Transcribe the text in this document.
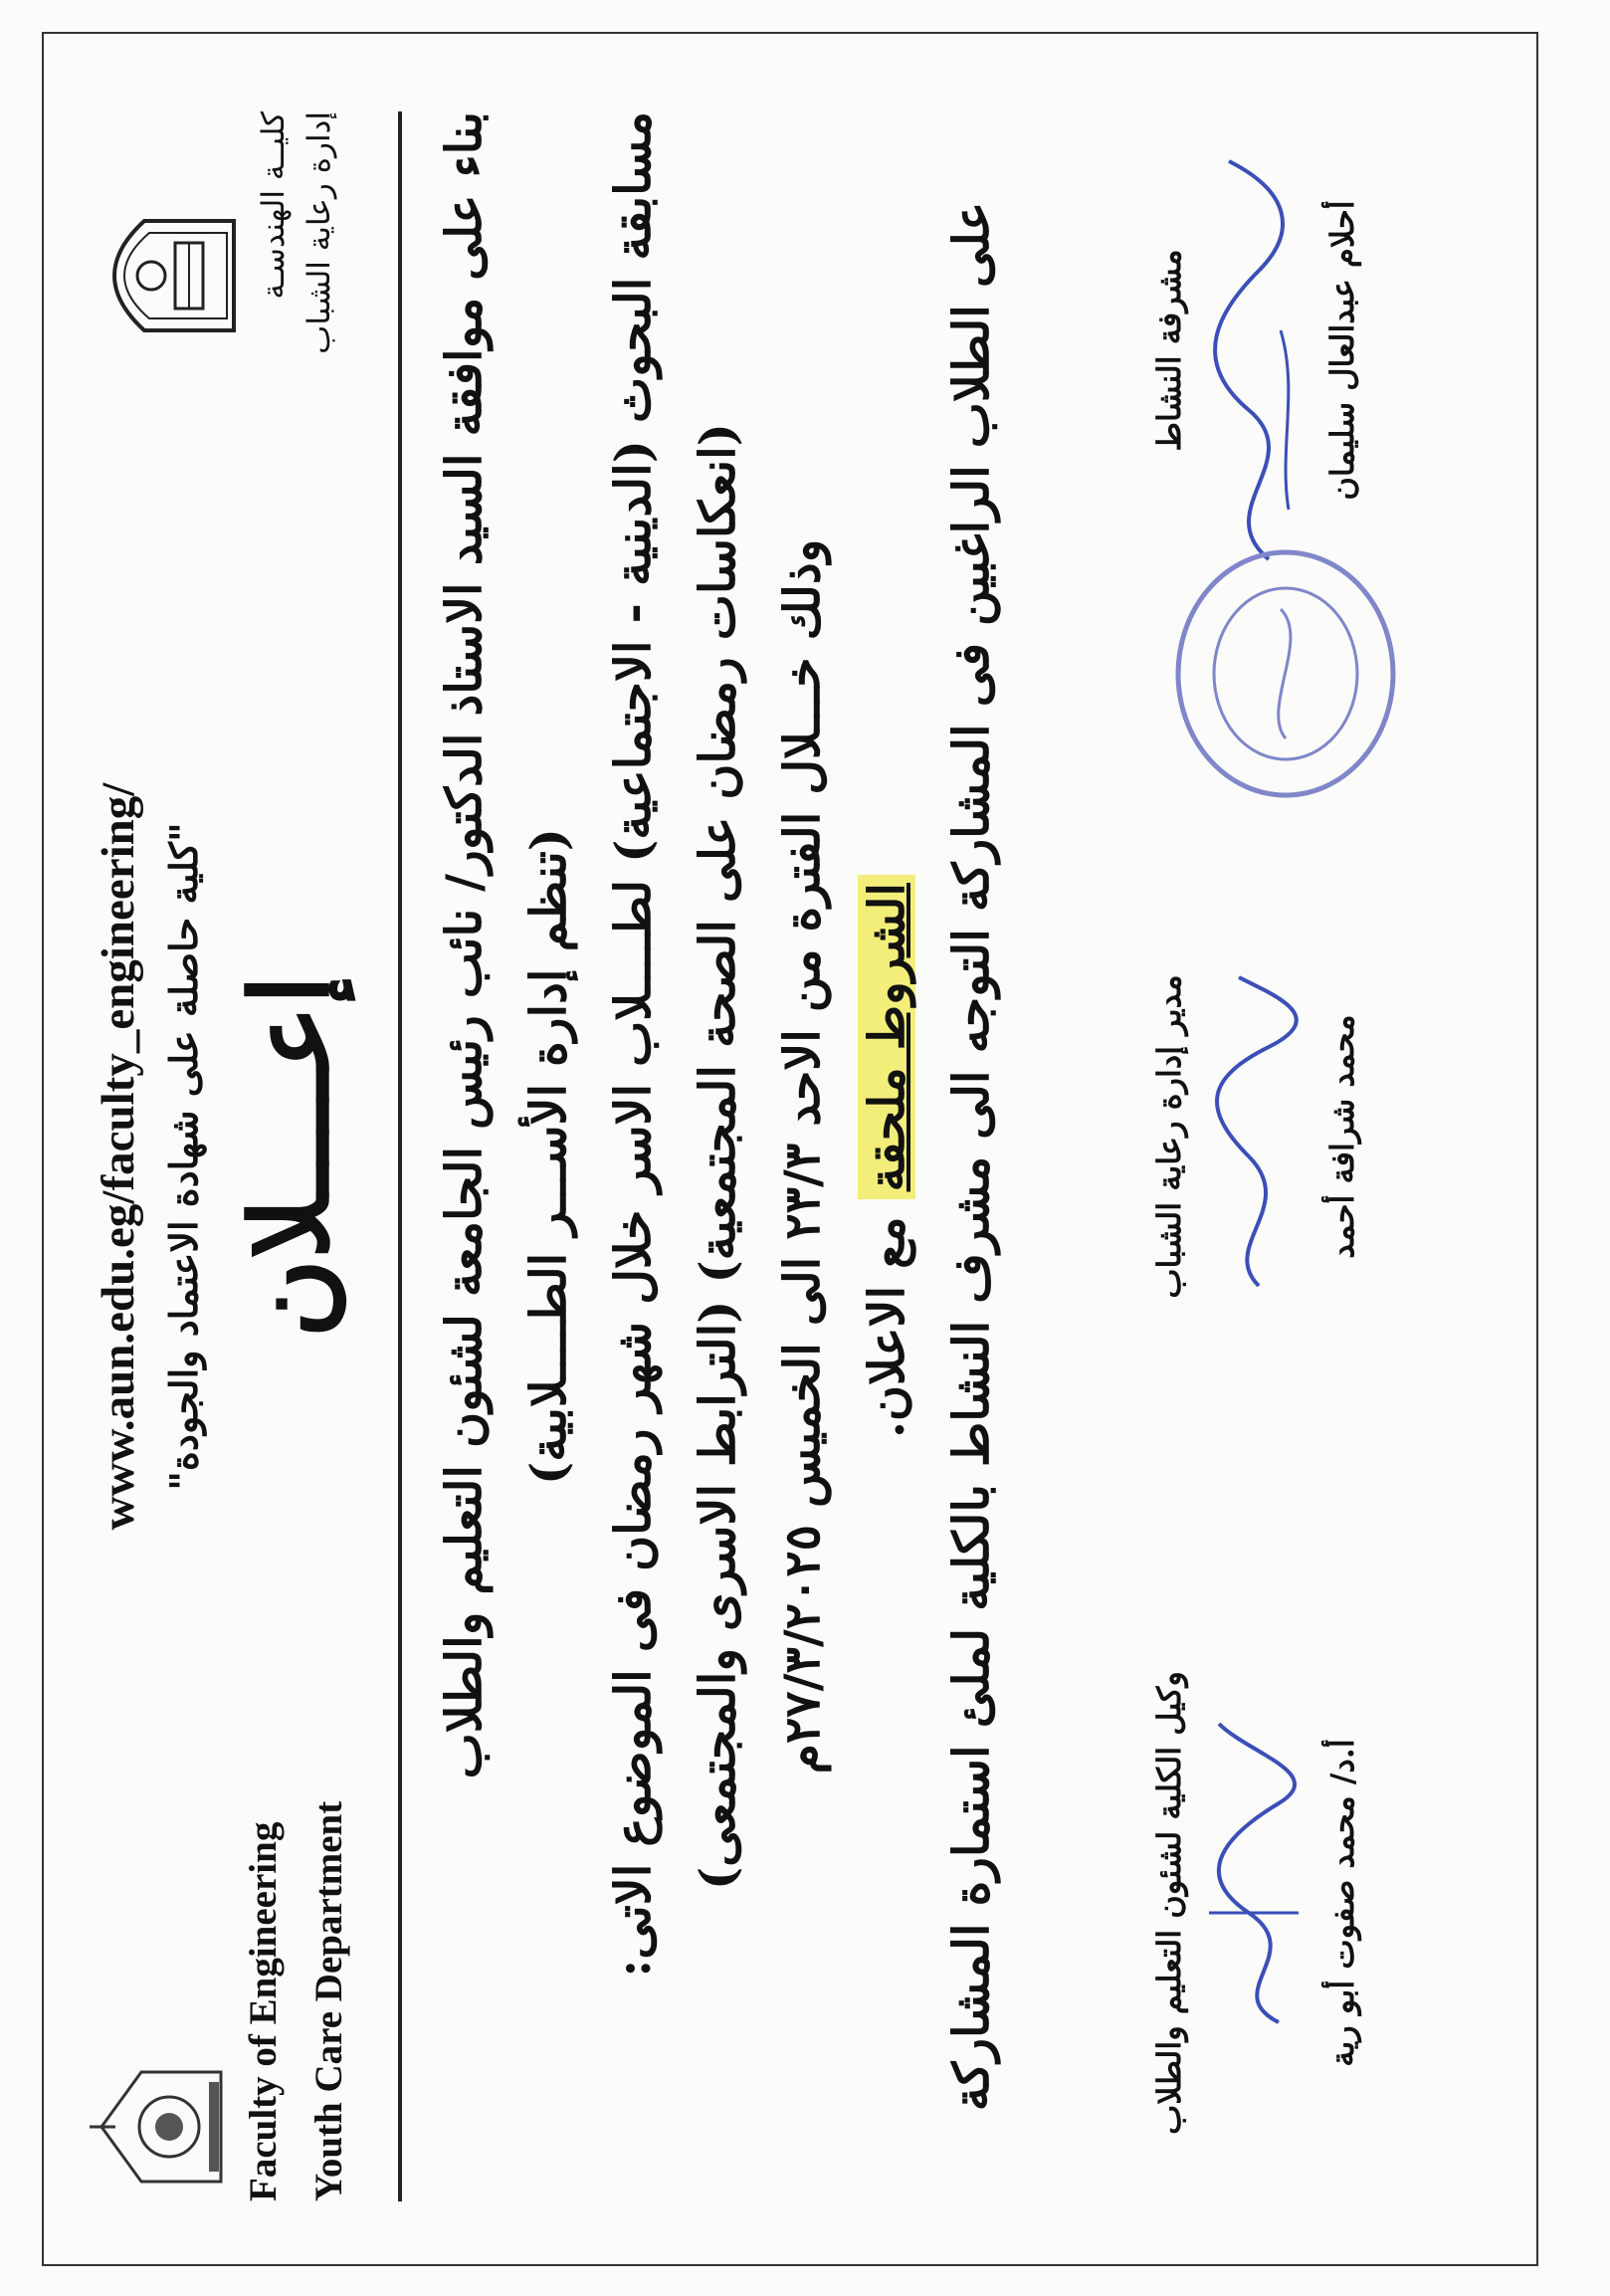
Faculty of Engineering Youth Care Department
www.aun.edu.eg/faculty_engineering/ "كلية حاصلة على شهادة الاعتماد والجودة" إعــــلان
كليــة الهندسـة إدارة رعاية الشباب بناء على موافقة السيد الاستاذ الدكتور/ نائب رئيس الجامعة لشئون التعليم والطلاب (تنظم إدارة الأســـر الطــــلابية) مسابقة البحوث (الدينية - الاجتماعية) لطــــلاب الاسر خلال شهر رمضان فى الموضوع الاتى: (انعكاسات رمضان على الصحة المجتمعية) (الترابط الاسرى والمجتمعى) وذلك خـــلال الفترة من الاحد ٢٣/٣ الى الخميس ٢٧/٣/٢٠٢٥م الشروط ملحقة مع الاعلان. على الطلاب الراغبين فى المشاركة التوجه الى مشرف النشاط بالكلية لملئ استمارة المشاركة	مشرفة النشاط	أحلام عبدالعال سليمان
مدير إدارة رعاية الشباب	محمد شرافة أحمد
وكيل الكلية لشئون التعليم والطلاب	أ.د/ محمد صفوت أبو رية
